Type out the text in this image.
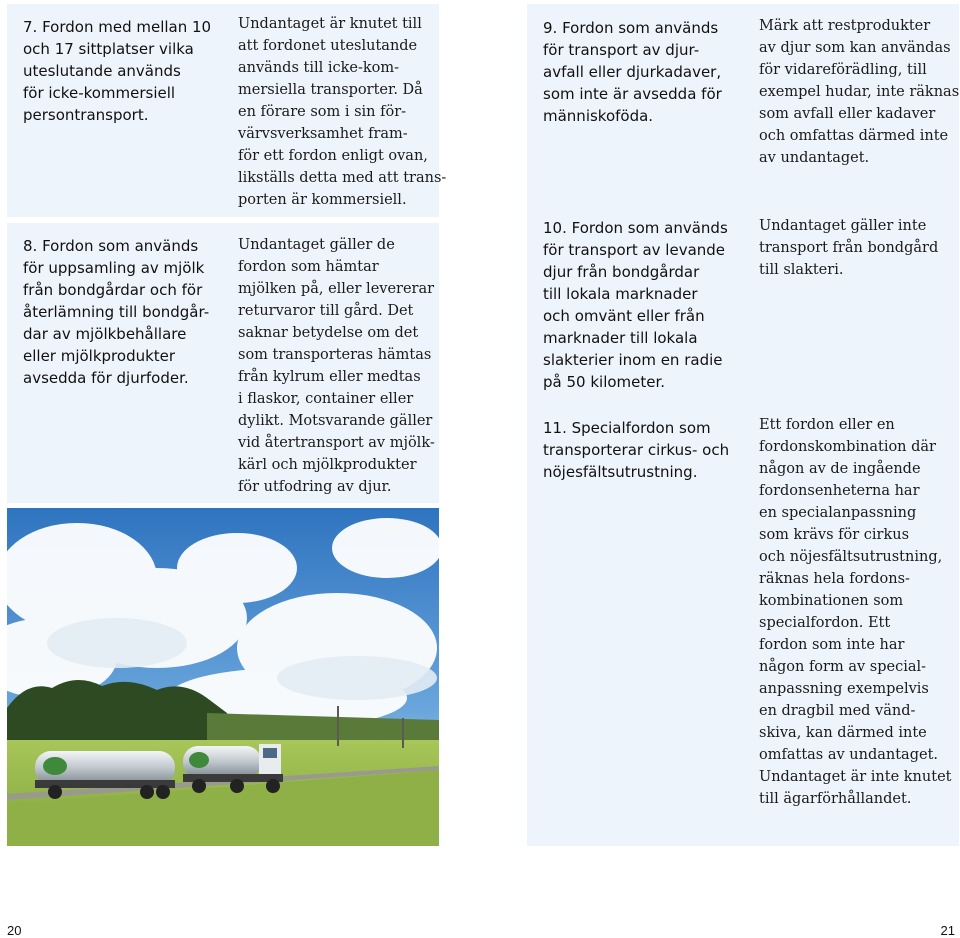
7. Fordon med mellan 10
och 17 sittplatser vilka
uteslutande används
för icke-kommersiell
persontransport.

Undantaget är knutet till
att fordonet uteslutande
används till icke-kom-
mersiella transporter. Då
en förare som i sin för-
värvsverksamhet fram-
för ett fordon enligt ovan,
likställs detta med att trans-
porten är kommersiell.

8. Fordon som används
för uppsamling av mjölk
från bondgårdar och för
återlämning till bondgår-
dar av mjölkbehållare
eller mjölkprodukter
avsedda för djurfoder.

Undantaget gäller de
fordon som hämtar
mjölken på, eller levererar
returvaror till gård. Det
saknar betydelse om det
som transporteras hämtas
från kylrum eller medtas
i flaskor, container eller
dylikt. Motsvarande gäller
vid återtransport av mjölk-
kärl och mjölkprodukter
för utfodring av djur.

9. Fordon som används
för transport av djur-
avfall eller djurkadaver,
som inte är avsedda för
människoföda.

Märk att restprodukter
av djur som kan användas
för vidareförädling, till
exempel hudar, inte räknas
som avfall eller kadaver
och omfattas därmed inte
av undantaget.

10. Fordon som används
för transport av levande
djur från bondgårdar
till lokala marknader
och omvänt eller från
marknader till lokala
slakterier inom en radie
på 50 kilometer.

Undantaget gäller inte
transport från bondgård
till slakteri.

11. Specialfordon som
transporterar cirkus- och
nöjesfältsutrustning.

Ett fordon eller en
fordonskombination där
någon av de ingående
fordonsenheterna har
en specialanpassning
som krävs för cirkus
och nöjesfältsutrustning,
räknas hela fordons-
kombinationen som
specialfordon. Ett
fordon som inte har
någon form av special-
anpassning exempelvis
en dragbil med vänd-
skiva, kan därmed inte
omfattas av undantaget.
Undantaget är inte knutet
till ägarförhållandet.

20	21
